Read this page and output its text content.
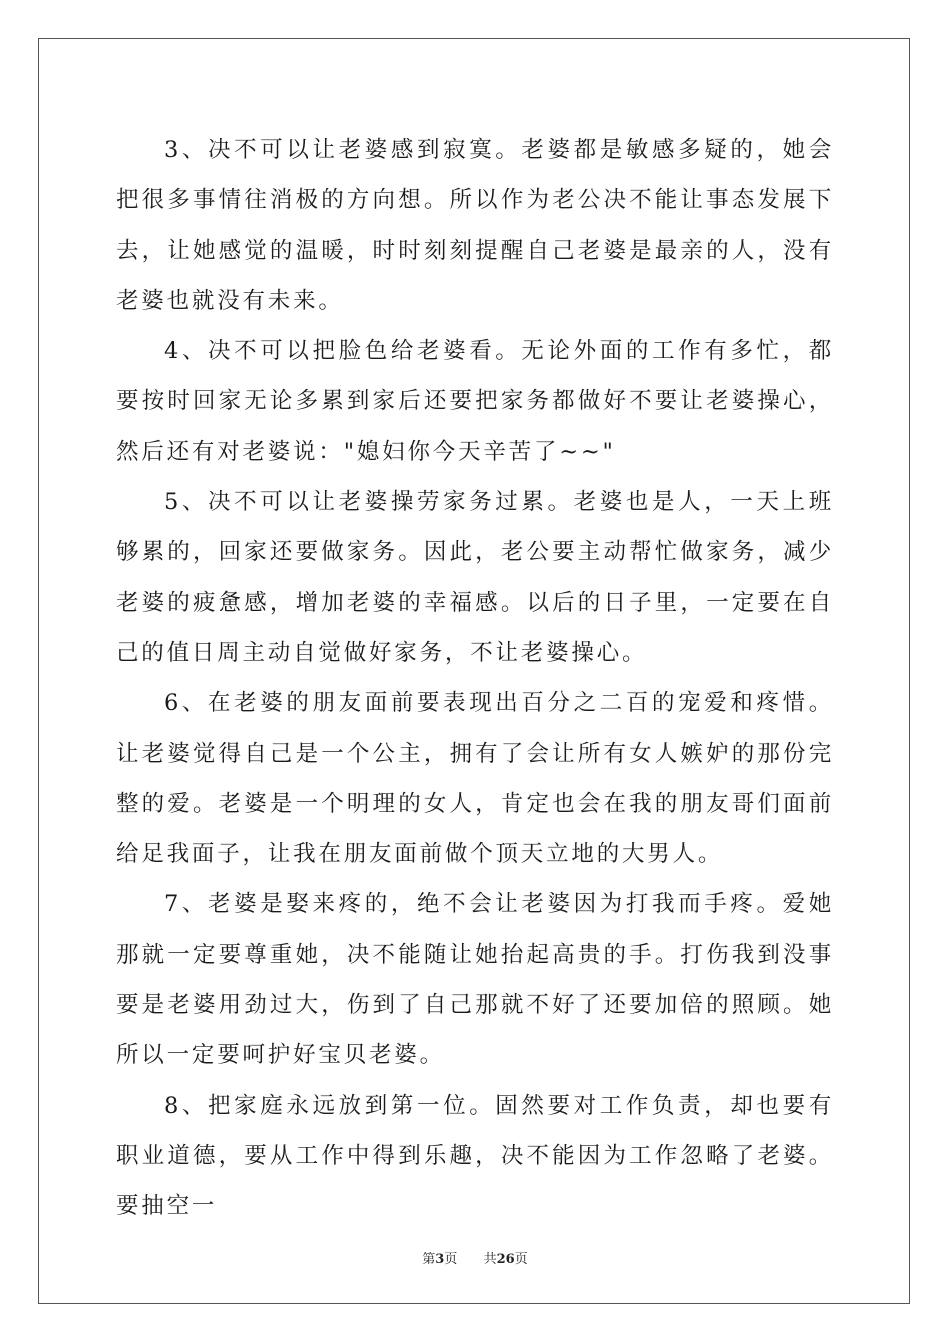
3、决不可以让老婆感到寂寞。老婆都是敏感多疑的，她会把很多事情往消极的方向想。所以作为老公决不能让事态发展下去，让她感觉的温暖，时时刻刻提醒自己老婆是最亲的人，没有老婆也就没有未来。

4、决不可以把脸色给老婆看。无论外面的工作有多忙，都要按时回家无论多累到家后还要把家务都做好不要让老婆操心，然后还有对老婆说："媳妇你今天辛苦了~~"

5、决不可以让老婆操劳家务过累。老婆也是人，一天上班够累的，回家还要做家务。因此，老公要主动帮忙做家务，减少老婆的疲惫感，增加老婆的幸福感。以后的日子里，一定要在自己的值日周主动自觉做好家务，不让老婆操心。

6、在老婆的朋友面前要表现出百分之二百的宠爱和疼惜。让老婆觉得自己是一个公主，拥有了会让所有女人嫉妒的那份完整的爱。老婆是一个明理的女人，肯定也会在我的朋友哥们面前给足我面子，让我在朋友面前做个顶天立地的大男人。

7、老婆是娶来疼的，绝不会让老婆因为打我而手疼。爱她那就一定要尊重她，决不能随让她抬起高贵的手。打伤我到没事要是老婆用劲过大，伤到了自己那就不好了还要加倍的照顾。她所以一定要呵护好宝贝老婆。

8、把家庭永远放到第一位。固然要对工作负责，却也要有职业道德，要从工作中得到乐趣，决不能因为工作忽略了老婆。要抽空一

第3页 共26页
